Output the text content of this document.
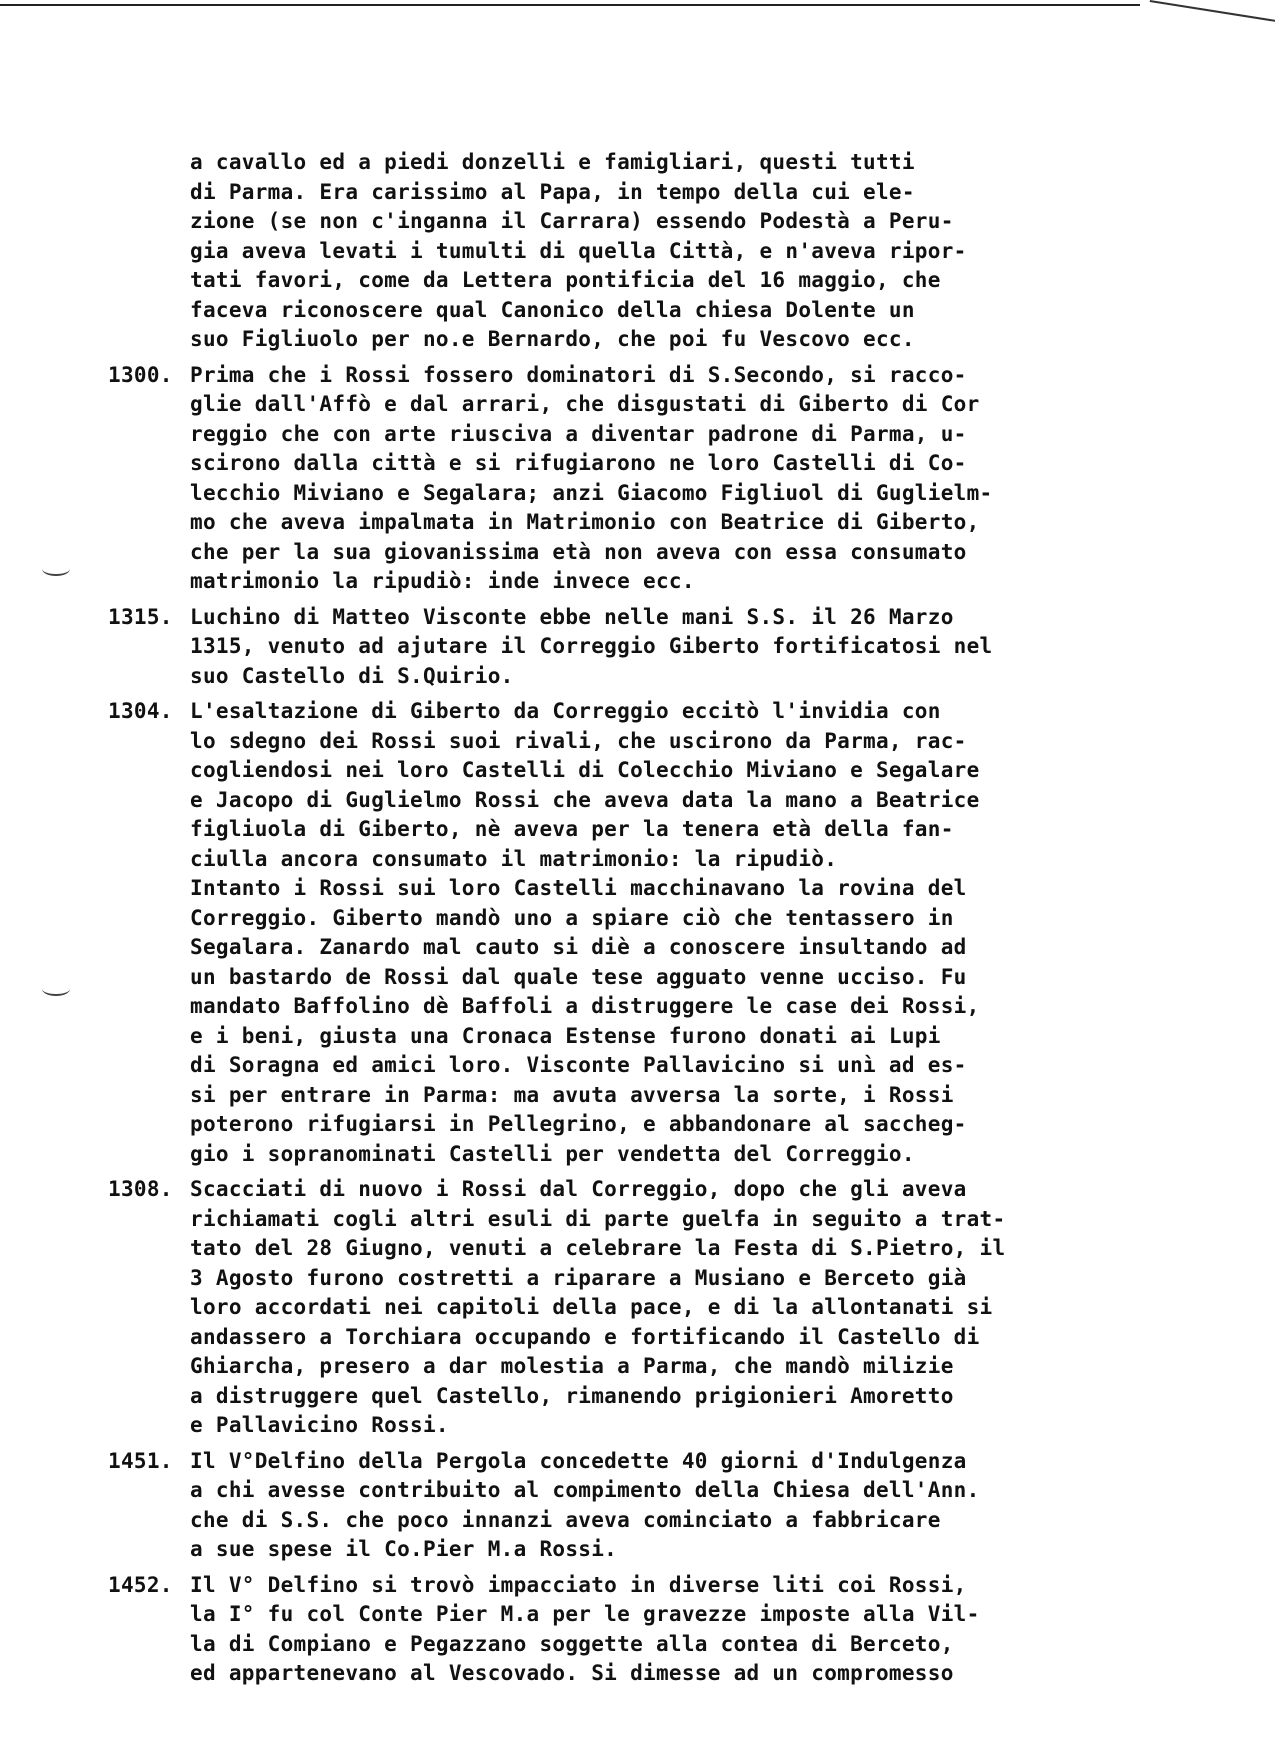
a cavallo ed a piedi donzelli e famigliari, questi tutti
di Parma. Era carissimo al Papa, in tempo della cui ele-
zione (se non c'inganna il Carrara) essendo Podestà a Peru-
gia aveva levati i tumulti di quella Città, e n'aveva ripor-
tati favori, come da Lettera pontificia del 16 maggio, che
faceva riconoscere qual Canonico della chiesa Dolente un
suo Figliuolo per no.e Bernardo, che poi fu Vescovo ecc.
1300. Prima che i Rossi fossero dominatori di S.Secondo, si racco-
glie dall'Affò e dal arrari, che disgustati di Giberto di Cor
reggio che con arte riusciva a diventar padrone di Parma, u-
scirono dalla città e si rifugiarono ne loro Castelli di Co-
lecchio Miviano e Segalara; anzi Giacomo Figliuol di Guglielm-
mo che aveva impalmata in Matrimonio con Beatrice di Giberto,
che per la sua giovanissima età non aveva con essa consumato
matrimonio la ripudiò: inde invece ecc.
1315. Luchino di Matteo Visconte ebbe nelle mani S.S. il 26 Marzo
1315, venuto ad ajutare il Correggio Giberto fortificatosi nel
suo Castello di S.Quirio.
1304. L'esaltazione di Giberto da Correggio eccitò l'invidia con
lo sdegno dei Rossi suoi rivali, che uscirono da Parma, rac-
cogliendosi nei loro Castelli di Colecchio Miviano e Segalare
e Jacopo di Guglielmo Rossi che aveva data la mano a Beatrice
figliuola di Giberto, nè aveva per la tenera età della fan-
ciulla ancora consumato il matrimonio: la ripudiò.
Intanto i Rossi sui loro Castelli macchinavano la rovina del
Correggio. Giberto mandò uno a spiare ciò che tentassero in
Segalara. Zanardo mal cauto si diè a conoscere insultando ad
un bastardo de Rossi dal quale tese agguato venne ucciso. Fu
mandato Baffolino dè Baffoli a distruggere le case dei Rossi,
e i beni, giusta una Cronaca Estense furono donati ai Lupi
di Soragna ed amici loro. Visconte Pallavicino si unì ad es-
si per entrare in Parma: ma avuta avversa la sorte, i Rossi
poterono rifugiarsi in Pellegrino, e abbandonare al saccheg-
gio i sopranominati Castelli per vendetta del Correggio.
1308. Scacciati di nuovo i Rossi dal Correggio, dopo che gli aveva
richiamati cogli altri esuli di parte guelfa in seguito a trat-
tato del 28 Giugno, venuti a celebrare la Festa di S.Pietro, il
3 Agosto furono costretti a riparare a Musiano e Berceto già
loro accordati nei capitoli della pace, e di la allontanati si
andassero a Torchiara occupando e fortificando il Castello di
Ghiarcha, presero a dar molestia a Parma, che mandò milizie
a distruggere quel Castello, rimanendo prigionieri Amoretto
e Pallavicino Rossi.
1451. Il V°Delfino della Pergola concedette 40 giorni d'Indulgenza
a chi avesse contribuito al compimento della Chiesa dell'Ann.
che di S.S. che poco innanzi aveva cominciato a fabbricare
a sue spese il Co.Pier M.a Rossi.
1452. Il V° Delfino si trovò impacciato in diverse liti coi Rossi,
la I° fu col Conte Pier M.a per le gravezze imposte alla Vil-
la di Compiano e Pegazzano soggette alla contea di Berceto,
ed appartenevano al Vescovado. Si dimesse ad un compromesso
